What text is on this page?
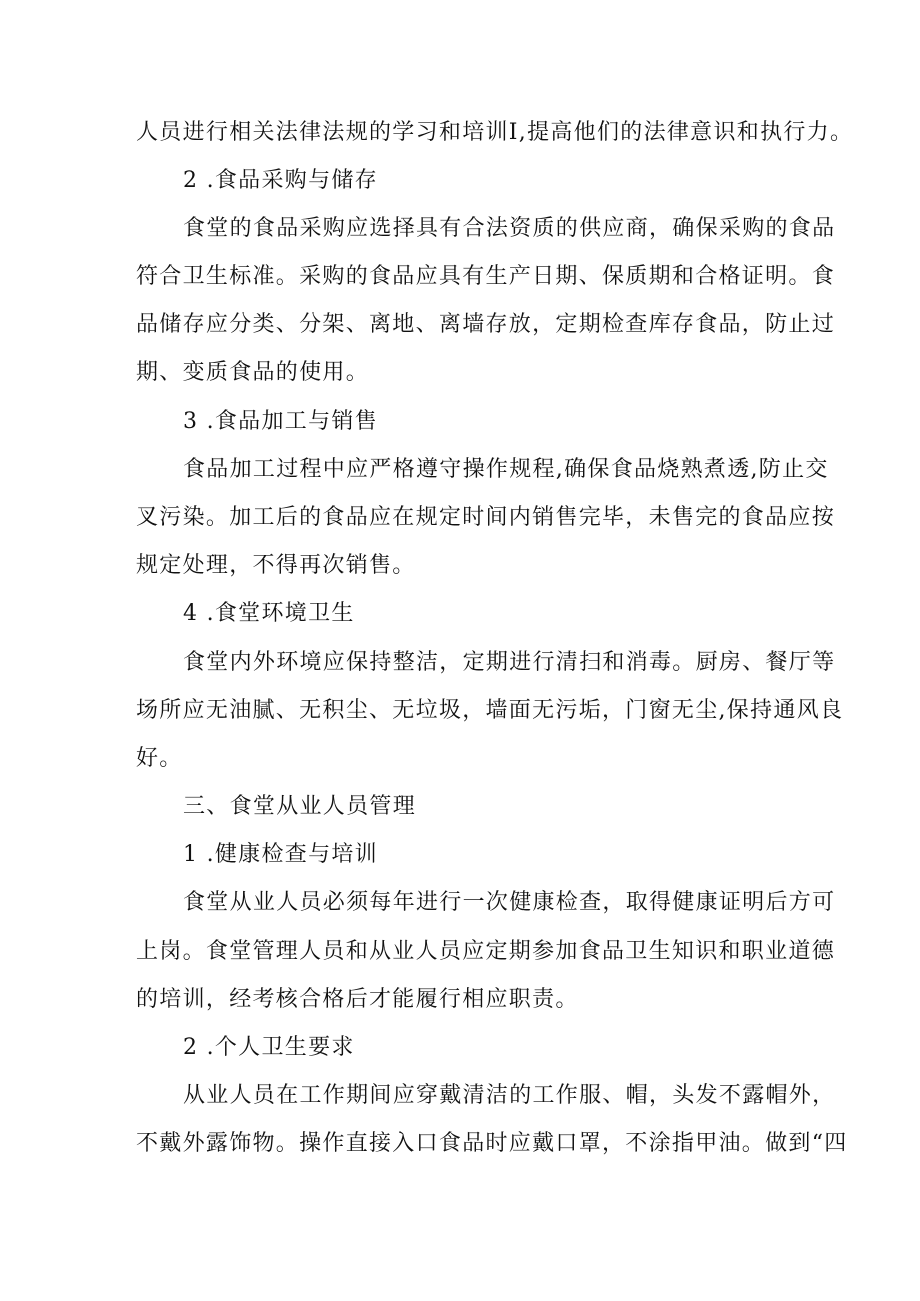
人员进行相关法律法规的学习和培训I,提高他们的法律意识和执行力。
2 .食品采购与储存
食堂的食品采购应选择具有合法资质的供应商，确保采购的食品
符合卫生标准。采购的食品应具有生产日期、保质期和合格证明。食
品储存应分类、分架、离地、离墙存放，定期检查库存食品，防止过
期、变质食品的使用。
3 .食品加工与销售
食品加工过程中应严格遵守操作规程,确保食品烧熟煮透,防止交
叉污染。加工后的食品应在规定时间内销售完毕，未售完的食品应按
规定处理，不得再次销售。
4 .食堂环境卫生
食堂内外环境应保持整洁，定期进行清扫和消毒。厨房、餐厅等
场所应无油腻、无积尘、无垃圾，墙面无污垢，门窗无尘,保持通风良
好。
三、食堂从业人员管理
1 .健康检查与培训
食堂从业人员必须每年进行一次健康检查，取得健康证明后方可
上岗。食堂管理人员和从业人员应定期参加食品卫生知识和职业道德
的培训，经考核合格后才能履行相应职责。
2 .个人卫生要求
从业人员在工作期间应穿戴清洁的工作服、帽，头发不露帽外，
不戴外露饰物。操作直接入口食品时应戴口罩，不涂指甲油。做到“四
